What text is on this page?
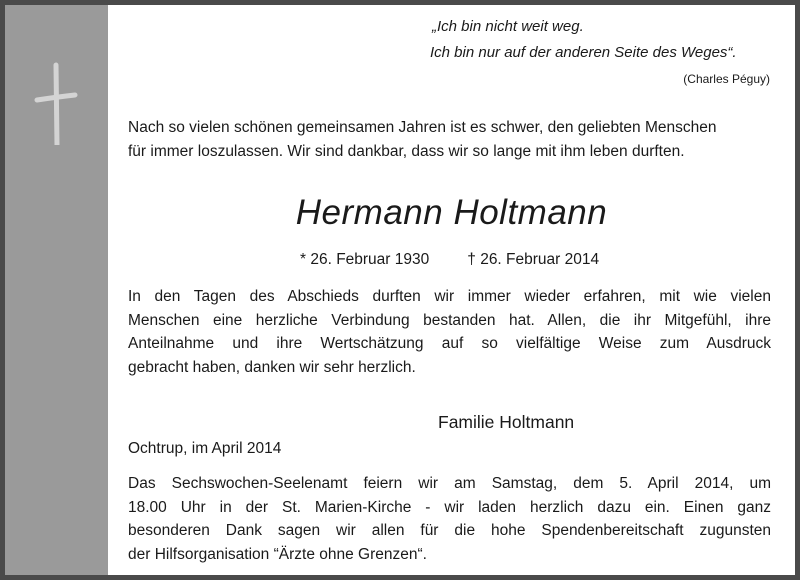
„Ich bin nicht weit weg.
Ich bin nur auf der anderen Seite des Weges“.
(Charles Péguy)
Nach so vielen schönen gemeinsamen Jahren ist es schwer, den geliebten Menschen
für immer loszulassen. Wir sind dankbar, dass wir so lange mit ihm leben durften.
Hermann Holtmann
* 26. Februar 1930 † 26. Februar 2014
In den Tagen des Abschieds durften wir immer wieder erfahren, mit wie vielen
Menschen eine herzliche Verbindung bestanden hat. Allen, die ihr Mitgefühl, ihre
Anteilnahme und ihre Wertschätzung auf so vielfältige Weise zum Ausdruck
gebracht haben, danken wir sehr herzlich.
Familie Holtmann
Ochtrup, im April 2014
Das Sechswochen-Seelenamt feiern wir am Samstag, dem 5. April 2014, um
18.00 Uhr in der St. Marien-Kirche - wir laden herzlich dazu ein. Einen ganz
besonderen Dank sagen wir allen für die hohe Spendenbereitschaft zugunsten
der Hilfsorganisation “Ärzte ohne Grenzen“.
